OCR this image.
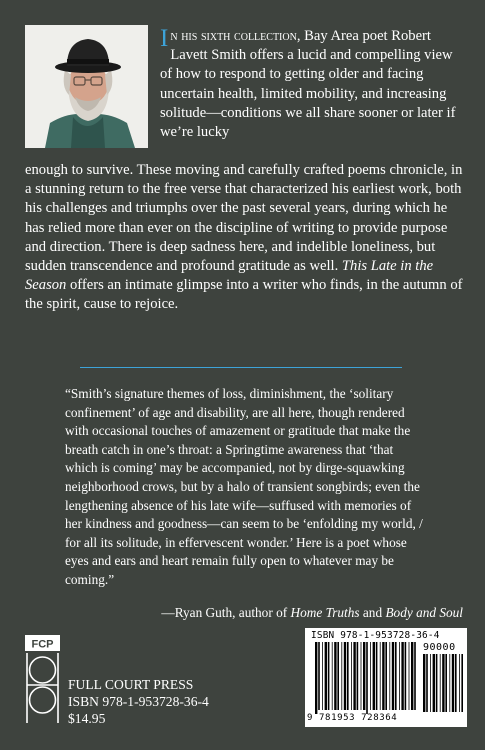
In his sixth collection, Bay Area poet Robert Lavett Smith offers a lucid and compelling view of how to respond to getting older and facing uncertain health, limited mobility, and increasing solitude—conditions we all share sooner or later if we’re lucky

enough to survive. These moving and carefully crafted poems chronicle, in a stunning return to the free verse that characterized his earliest work, both his challenges and triumphs over the past several years, during which he has relied more than ever on the discipline of writing to provide purpose and direction. There is deep sadness here, and indelible loneliness, but sudden transcendence and profound gratitude as well. This Late in the Season offers an intimate glimpse into a writer who finds, in the autumn of the spirit, cause to rejoice.

“Smith’s signature themes of loss, diminishment, the ‘solitary confinement’ of age and disability, are all here, though rendered with occasional touches of amazement or gratitude that make the breath catch in one’s throat: a Springtime awareness that ‘that which is coming’ may be accompanied, not by dirge-squawking neighborhood crows, but by a halo of transient songbirds; even the lengthening absence of his late wife—suffused with memories of her kindness and goodness—can seem to be ‘enfolding my world, / for all its solitude, in effervescent wonder.’ Here is a poet whose eyes and ears and heart remain fully open to whatever may be coming.”

—Ryan Guth, author of Home Truths and Body and Soul

FCP
FULL COURT PRESS
ISBN 978-1-953728-36-4
$14.95
ISBN 978-1-953728-36-4
90000
9 781953 728364
